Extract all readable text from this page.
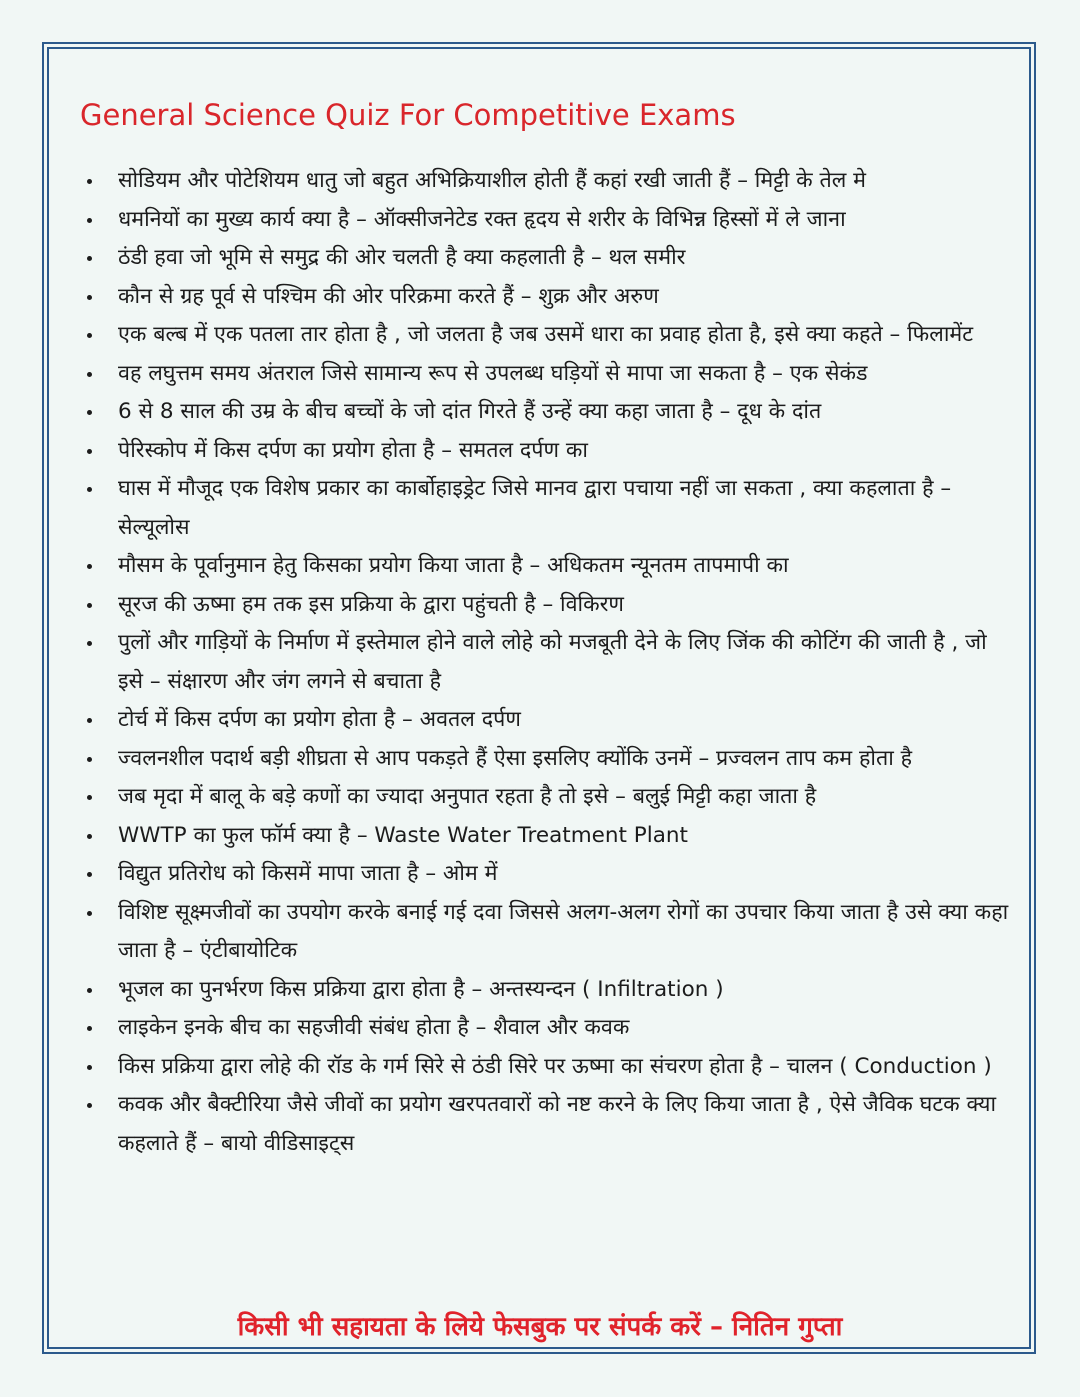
General Science Quiz For Competitive Exams
सोडियम और पोटेशियम धातु जो बहुत अभिक्रियाशील होती हैं कहां रखी जाती हैं – मिट्टी के तेल मे
धमनियों का मुख्य कार्य क्या है – ऑक्सीजनेटेड रक्त हृदय से शरीर के विभिन्न हिस्सों में ले जाना
ठंडी हवा जो भूमि से समुद्र की ओर चलती है क्या कहलाती है – थल समीर
कौन से ग्रह पूर्व से पश्चिम की ओर परिक्रमा करते हैं – शुक्र और अरुण
एक बल्ब में एक पतला तार होता है , जो जलता है जब उसमें धारा का प्रवाह होता है, इसे क्या कहते – फिलामेंट
वह लघुत्तम समय अंतराल जिसे सामान्य रूप से उपलब्ध घड़ियों से मापा जा सकता है – एक सेकंड
6 से 8 साल की उम्र के बीच बच्चों के जो दांत गिरते हैं उन्हें क्या कहा जाता है – दूध के दांत
पेरिस्कोप में किस दर्पण का प्रयोग होता है – समतल दर्पण का
घास में मौजूद एक विशेष प्रकार का कार्बोहाइड्रेट जिसे मानव द्वारा पचाया नहीं जा सकता , क्या कहलाता है – सेल्यूलोस
मौसम के पूर्वानुमान हेतु किसका प्रयोग किया जाता है – अधिकतम न्यूनतम तापमापी का
सूरज की ऊष्मा हम तक इस प्रक्रिया के द्वारा पहुंचती है – विकिरण
पुलों और गाड़ियों के निर्माण में इस्तेमाल होने वाले लोहे को मजबूती देने के लिए जिंक की कोटिंग की जाती है , जो इसे – संक्षारण और जंग लगने से बचाता है
टोर्च में किस दर्पण का प्रयोग होता है – अवतल दर्पण
ज्वलनशील पदार्थ बड़ी शीघ्रता से आप पकड़ते हैं ऐसा इसलिए क्योंकि उनमें – प्रज्वलन ताप कम होता है
जब मृदा में बालू के बड़े कणों का ज्यादा अनुपात रहता है तो इसे – बलुई मिट्टी कहा जाता है
WWTP का फुल फॉर्म क्या है – Waste Water Treatment Plant
विद्युत प्रतिरोध को किसमें मापा जाता है – ओम में
विशिष्ट सूक्ष्मजीवों का उपयोग करके बनाई गई दवा जिससे अलग-अलग रोगों का उपचार किया जाता है उसे क्या कहा जाता है – एंटीबायोटिक
भूजल का पुनर्भरण किस प्रक्रिया द्वारा होता है – अन्तस्यन्दन ( Infiltration )
लाइकेन इनके बीच का सहजीवी संबंध होता है – शैवाल और कवक
किस प्रक्रिया द्वारा लोहे की रॉड के गर्म सिरे से ठंडी सिरे पर ऊष्मा का संचरण होता है – चालन ( Conduction )
कवक और बैक्टीरिया जैसे जीवों का प्रयोग खरपतवारों को नष्ट करने के लिए किया जाता है , ऐसे जैविक घटक क्या कहलाते हैं – बायो वीडिसाइट्स
किसी भी सहायता के लिये फेसबुक पर संपर्क करें – नितिन गुप्ता
